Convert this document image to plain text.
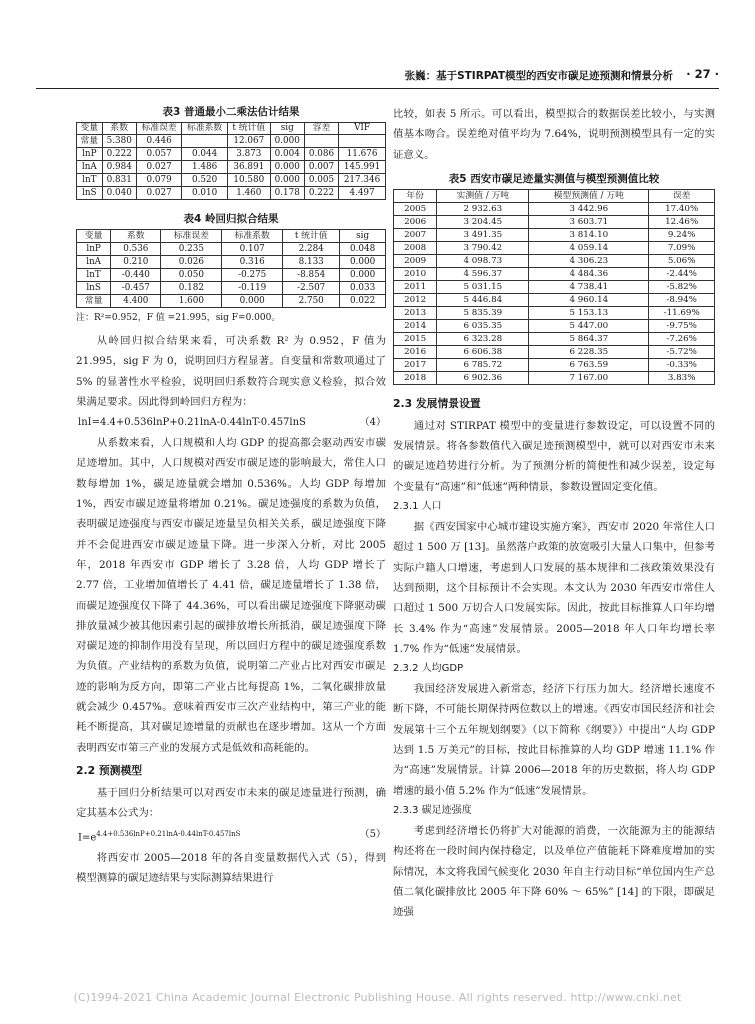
张巍：基于STIRPAT模型的西安市碳足迹预测和情景分析 · 27 ·
表3 普通最小二乘法估计结果
变量	系数	标准误差	标准系数	t 统计值	sig	容差	VIF
常量	5.380	0.446		12.067	0.000		
lnP	0.222	0.057	0.044	3.873	0.004	0.086	11.676
lnA	0.984	0.027	1.486	36.891	0.000	0.007	145.991
lnT	0.831	0.079	0.520	10.580	0.000	0.005	217.346
lnS	0.040	0.027	0.010	1.460	0.178	0.222	4.497
表4 岭回归拟合结果
变量	系数	标准误差	标准系数	t 统计值	sig
lnP	0.536	0.235	0.107	2.284	0.048
lnA	0.210	0.026	0.316	8.133	0.000
lnT	-0.440	0.050	-0.275	-8.854	0.000
lnS	-0.457	0.182	-0.119	-2.507	0.033
常量	4.400	1.600	0.000	2.750	0.022
注：R²=0.952，F 值 =21.995，sig F=0.000。

从岭回归拟合结果来看，可决系数 R² 为 0.952，F 值为 21.995，sig F 为 0，说明回归方程显著。自变量和常数项通过了 5% 的显著性水平检验，说明回归系数符合现实意义检验，拟合效果满足要求。因此得到岭回归方程为：

lnI=4.4+0.536lnP+0.21lnA-0.44lnT-0.457lnS	（4）

从系数来看，人口规模和人均 GDP 的提高都会驱动西安市碳足迹增加。其中，人口规模对西安市碳足迹的影响最大，常住人口数每增加 1%，碳足迹量就会增加 0.536%。人均 GDP 每增加 1%，西安市碳足迹量将增加 0.21%。碳足迹强度的系数为负值，表明碳足迹强度与西安市碳足迹量呈负相关关系，碳足迹强度下降并不会促进西安市碳足迹量下降。进一步深入分析，对比 2005 年，2018 年西安市 GDP 增长了 3.28 倍，人均 GDP 增长了 2.77 倍，工业增加值增长了 4.41 倍，碳足迹量增长了 1.38 倍，而碳足迹强度仅下降了 44.36%，可以看出碳足迹强度下降驱动碳排放量减少被其他因素引起的碳排放增长所抵消，碳足迹强度下降对碳足迹的抑制作用没有呈现，所以回归方程中的碳足迹强度系数为负值。产业结构的系数为负值，说明第二产业占比对西安市碳足迹的影响为反方向，即第二产业占比每提高 1%，二氧化碳排放量就会减少 0.457%。意味着西安市三次产业结构中，第三产业的能耗不断提高，其对碳足迹增量的贡献也在逐步增加。这从一个方面表明西安市第三产业的发展方式是低效和高耗能的。

2.2 预测模型

基于回归分析结果可以对西安市未来的碳足迹量进行预测，确定其基本公式为：

$I=e^{4.4+0.536lnP+0.21lnA-0.44lnT-0.457lnS}$	（5）

将西安市 2005—2018 年的各自变量数据代入式（5），得到模型测算的碳足迹结果与实际测算结果进行

比较，如表 5 所示。可以看出，模型拟合的数据误差比较小，与实测值基本吻合。误差绝对值平均为 7.64%，说明预测模型具有一定的实证意义。

表5 西安市碳足迹量实测值与模型预测值比较
年份	实测值 / 万吨	模型预测值 / 万吨	误差
2005	2 932.63	3 442.96	17.40%
2006	3 204.45	3 603.71	12.46%
2007	3 491.35	3 814.10	9.24%
2008	3 790.42	4 059.14	7.09%
2009	4 098.73	4 306.23	5.06%
2010	4 596.37	4 484.36	-2.44%
2011	5 031.15	4 738.41	-5.82%
2012	5 446.84	4 960.14	-8.94%
2013	5 835.39	5 153.13	-11.69%
2014	6 035.35	5 447.00	-9.75%
2015	6 323.28	5 864.37	-7.26%
2016	6 606.38	6 228.35	-5.72%
2017	6 785.72	6 763.59	-0.33%
2018	6 902.36	7 167.00	3.83%
2.3 发展情景设置

通过对 STIRPAT 模型中的变量进行参数设定，可以设置不同的发展情景。将各参数值代入碳足迹预测模型中，就可以对西安市未来的碳足迹趋势进行分析。为了预测分析的简便性和减少误差，设定每个变量有“高速”和“低速”两种情景，参数设置固定变化值。

2.3.1 人口

据《西安国家中心城市建设实施方案》，西安市 2020 年常住人口超过 1 500 万 [13]。虽然落户政策的放宽吸引大量人口集中，但参考实际户籍人口增速，考虑到人口发展的基本规律和二孩政策效果没有达到预期，这个目标预计不会实现。本文认为 2030 年西安市常住人口超过 1 500 万切合人口发展实际。因此，按此目标推算人口年均增长 3.4% 作为“高速”发展情景。2005—2018 年人口年均增长率 1.7% 作为“低速”发展情景。

2.3.2 人均GDP

我国经济发展进入新常态，经济下行压力加大。经济增长速度不断下降，不可能长期保持两位数以上的增速。《西安市国民经济和社会发展第十三个五年规划纲要》（以下简称《纲要》）中提出“人均 GDP 达到 1.5 万美元”的目标，按此目标推算的人均 GDP 增速 11.1% 作为“高速”发展情景。计算 2006—2018 年的历史数据，将人均 GDP 增速的最小值 5.2% 作为“低速”发展情景。

2.3.3 碳足迹强度

考虑到经济增长仍将扩大对能源的消费，一次能源为主的能源结构还将在一段时间内保持稳定，以及单位产值能耗下降难度增加的实际情况，本文将我国气候变化 2030 年自主行动目标“单位国内生产总值二氧化碳排放比 2005 年下降 60% ～ 65%” [14] 的下限，即碳足迹强

(C)1994-2021 China Academic Journal Electronic Publishing House. All rights reserved. http://www.cnki.net
